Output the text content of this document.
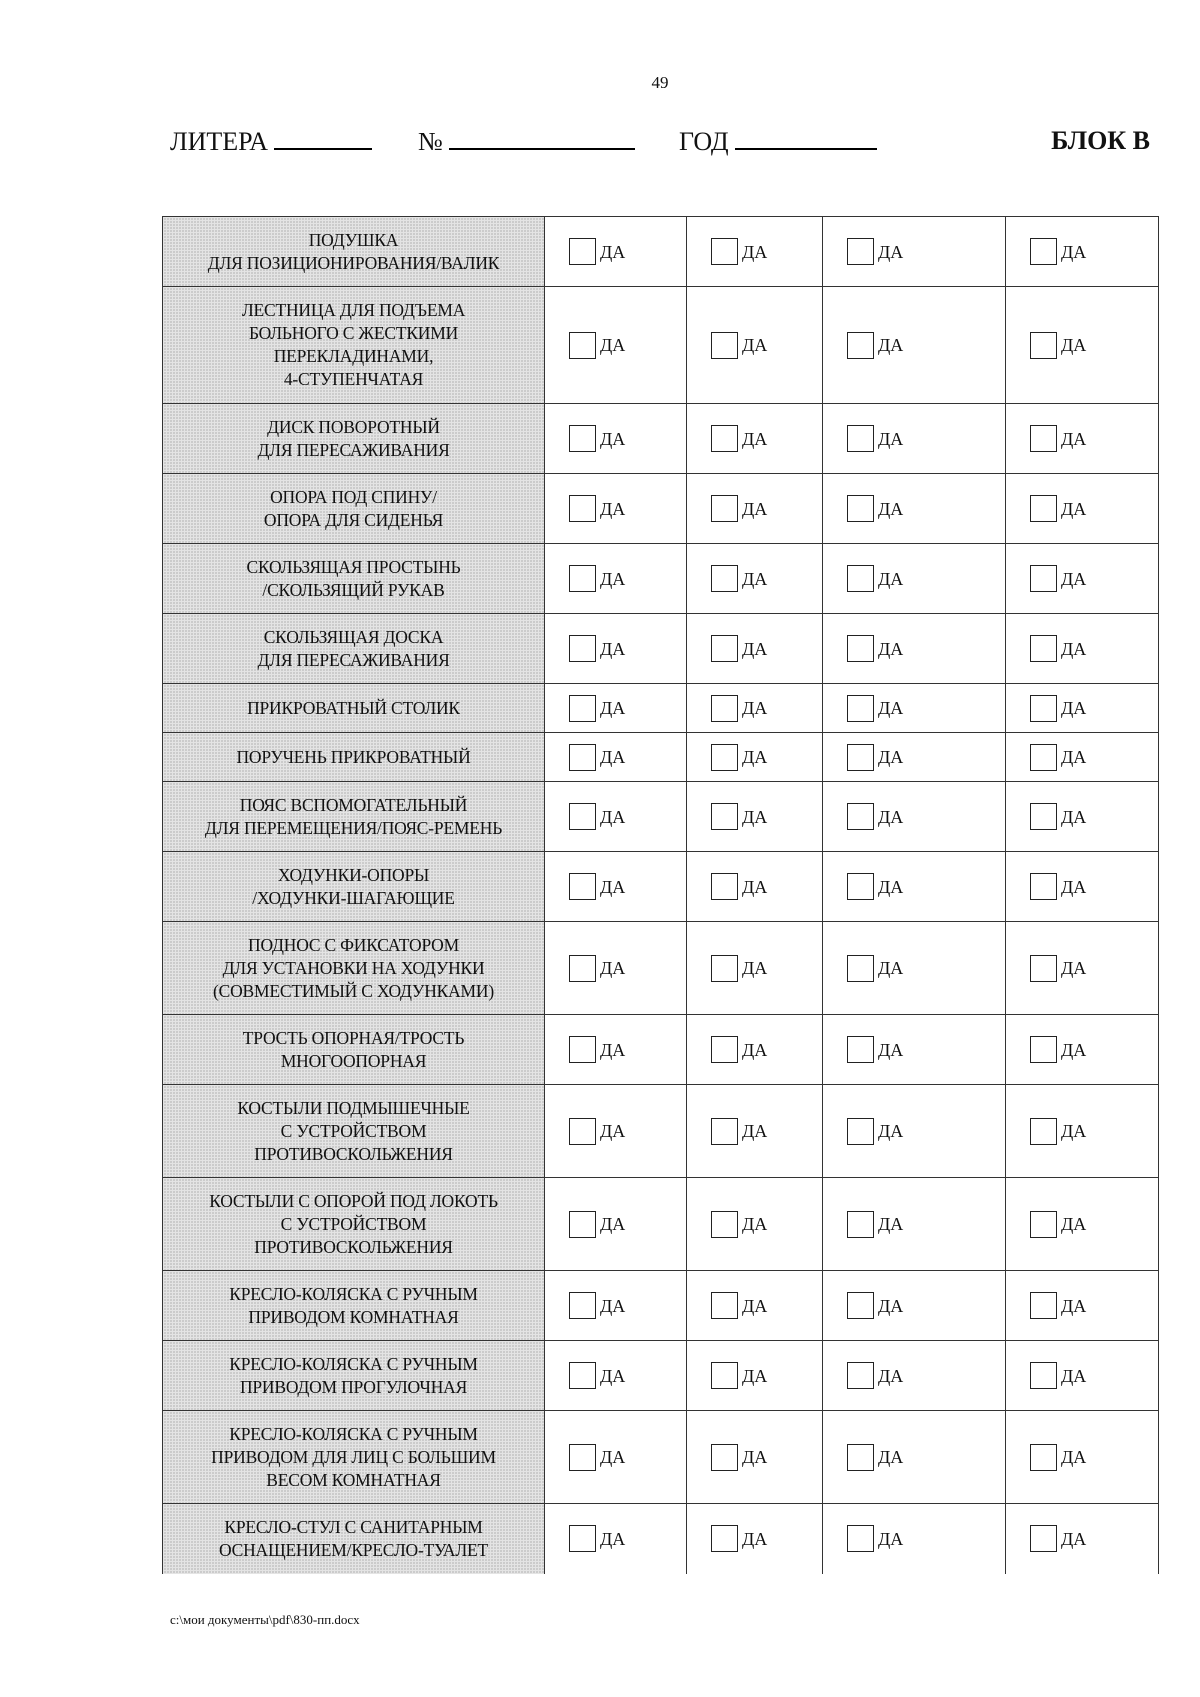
49
ЛИТЕРА	№	ГОД	БЛОК В
ПОДУШКА
ДЛЯ ПОЗИЦИОНИРОВАНИЯ/ВАЛИК	ДА	ДА	ДА	ДА

ЛЕСТНИЦА ДЛЯ ПОДЪЕМА
БОЛЬНОГО С ЖЕСТКИМИ
ПЕРЕКЛАДИНАМИ,
4-СТУПЕНЧАТАЯ	ДА	ДА	ДА	ДА

ДИСК ПОВОРОТНЫЙ
ДЛЯ ПЕРЕСАЖИВАНИЯ	ДА	ДА	ДА	ДА

ОПОРА ПОД СПИНУ/
ОПОРА ДЛЯ СИДЕНЬЯ	ДА	ДА	ДА	ДА

СКОЛЬЗЯЩАЯ ПРОСТЫНЬ
/СКОЛЬЗЯЩИЙ РУКАВ	ДА	ДА	ДА	ДА

СКОЛЬЗЯЩАЯ ДОСКА
ДЛЯ ПЕРЕСАЖИВАНИЯ	ДА	ДА	ДА	ДА

ПРИКРОВАТНЫЙ СТОЛИК	ДА	ДА	ДА	ДА

ПОРУЧЕНЬ ПРИКРОВАТНЫЙ	ДА	ДА	ДА	ДА

ПОЯС ВСПОМОГАТЕЛЬНЫЙ
ДЛЯ ПЕРЕМЕЩЕНИЯ/ПОЯС-РЕМЕНЬ	ДА	ДА	ДА	ДА

ХОДУНКИ-ОПОРЫ
/ХОДУНКИ-ШАГАЮЩИЕ	ДА	ДА	ДА	ДА

ПОДНОС С ФИКСАТОРОМ
ДЛЯ УСТАНОВКИ НА ХОДУНКИ
(СОВМЕСТИМЫЙ С ХОДУНКАМИ)	ДА	ДА	ДА	ДА

ТРОСТЬ ОПОРНАЯ/ТРОСТЬ
МНОГООПОРНАЯ	ДА	ДА	ДА	ДА

КОСТЫЛИ ПОДМЫШЕЧНЫЕ
С УСТРОЙСТВОМ
ПРОТИВОСКОЛЬЖЕНИЯ	ДА	ДА	ДА	ДА

КОСТЫЛИ С ОПОРОЙ ПОД ЛОКОТЬ
С УСТРОЙСТВОМ
ПРОТИВОСКОЛЬЖЕНИЯ	ДА	ДА	ДА	ДА

КРЕСЛО-КОЛЯСКА С РУЧНЫМ
ПРИВОДОМ КОМНАТНАЯ	ДА	ДА	ДА	ДА

КРЕСЛО-КОЛЯСКА С РУЧНЫМ
ПРИВОДОМ ПРОГУЛОЧНАЯ	ДА	ДА	ДА	ДА

КРЕСЛО-КОЛЯСКА С РУЧНЫМ
ПРИВОДОМ ДЛЯ ЛИЦ С БОЛЬШИМ
ВЕСОМ КОМНАТНАЯ	ДА	ДА	ДА	ДА

КРЕСЛО-СТУЛ С САНИТАРНЫМ
ОСНАЩЕНИЕМ/КРЕСЛО-ТУАЛЕТ	ДА	ДА	ДА	ДА
c:\мои документы\pdf\830-пп.docx
